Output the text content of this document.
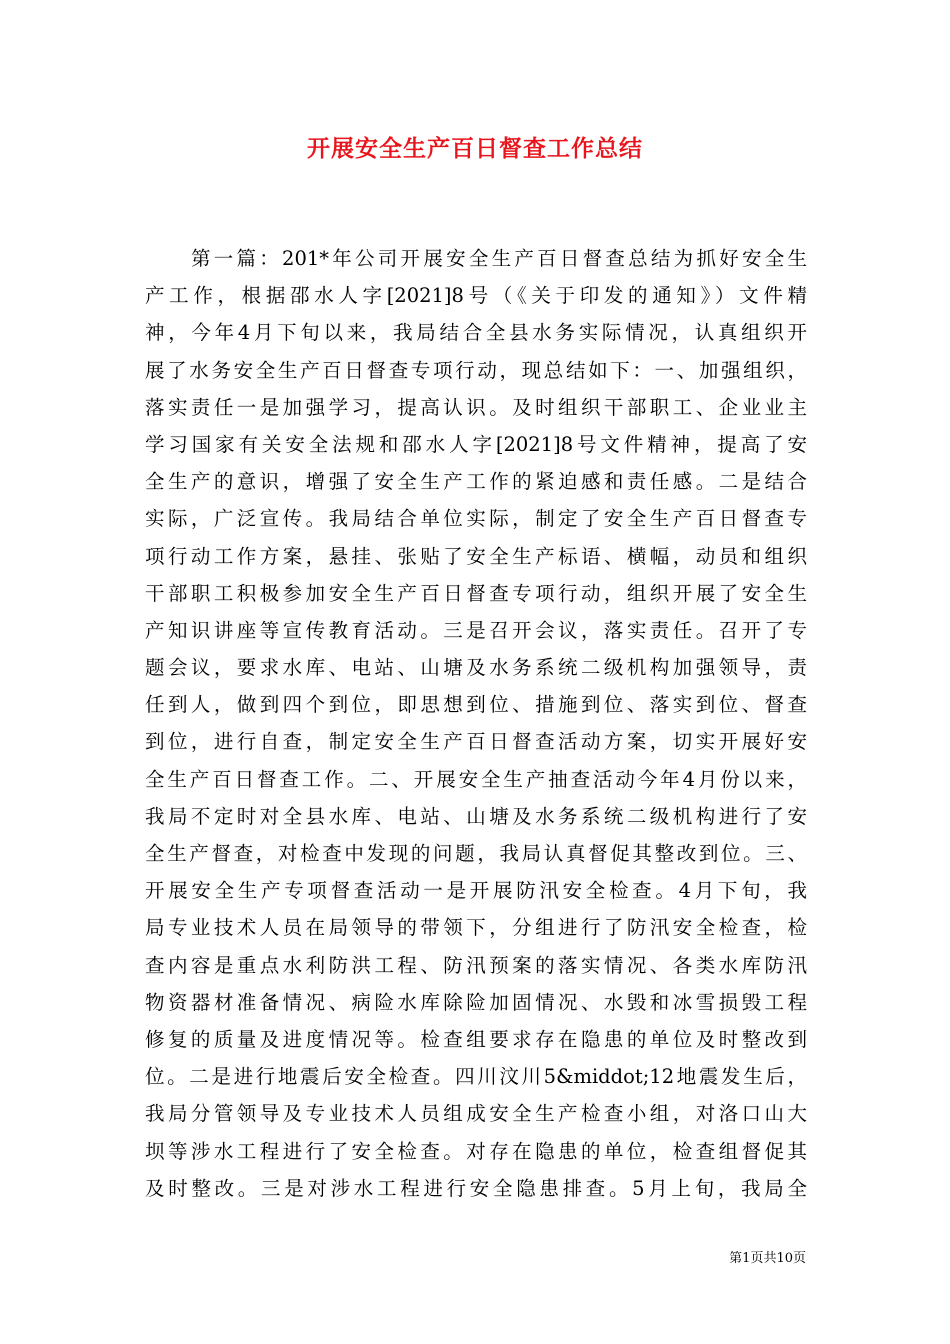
开展安全生产百日督查工作总结
第一篇：201*年公司开展安全生产百日督查总结为抓好安全生
产工作，根据邵水人字[2021]8号（《关于印发的通知》）文件精
神，今年4月下旬以来，我局结合全县水务实际情况，认真组织开
展了水务安全生产百日督查专项行动，现总结如下：一、加强组织，
落实责任一是加强学习，提高认识。及时组织干部职工、企业业主
学习国家有关安全法规和邵水人字[2021]8号文件精神，提高了安
全生产的意识，增强了安全生产工作的紧迫感和责任感。二是结合
实际，广泛宣传。我局结合单位实际，制定了安全生产百日督查专
项行动工作方案，悬挂、张贴了安全生产标语、横幅，动员和组织
干部职工积极参加安全生产百日督查专项行动，组织开展了安全生
产知识讲座等宣传教育活动。三是召开会议，落实责任。召开了专
题会议，要求水库、电站、山塘及水务系统二级机构加强领导，责
任到人，做到四个到位，即思想到位、措施到位、落实到位、督查
到位，进行自查，制定安全生产百日督查活动方案，切实开展好安
全生产百日督查工作。二、开展安全生产抽查活动今年4月份以来，
我局不定时对全县水库、电站、山塘及水务系统二级机构进行了安
全生产督查，对检查中发现的问题，我局认真督促其整改到位。三、
开展安全生产专项督查活动一是开展防汛安全检查。4月下旬，我
局专业技术人员在局领导的带领下，分组进行了防汛安全检查，检
查内容是重点水利防洪工程、防汛预案的落实情况、各类水库防汛
物资器材准备情况、病险水库除险加固情况、水毁和冰雪损毁工程
修复的质量及进度情况等。检查组要求存在隐患的单位及时整改到
位。二是进行地震后安全检查。四川汶川5&middot;12地震发生后，
我局分管领导及专业技术人员组成安全生产检查小组，对洛口山大
坝等涉水工程进行了安全检查。对存在隐患的单位，检查组督促其
及时整改。三是对涉水工程进行安全隐患排查。5月上旬，我局全
第1页共10页
